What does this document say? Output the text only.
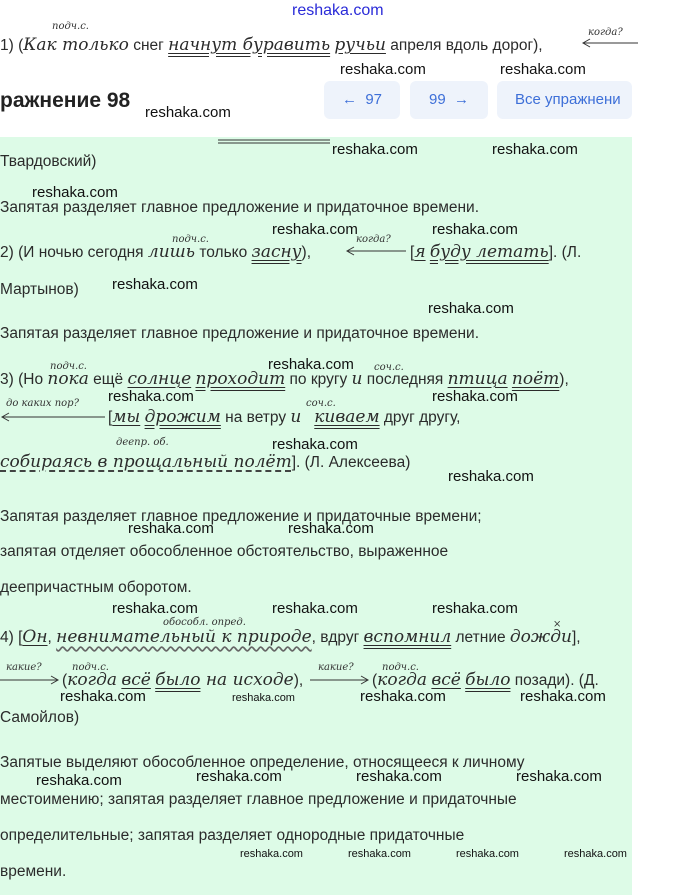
подч.с.
1) (Как только снег начнут буравить ручьи апреля вдоль дорог),
когда?
ражнение 98	← 97	99 →	Все упражнени
Твардовский)
Запятая разделяет главное предложение и придаточное времени.
подч.с.	когда?
2) (И ночью сегодня лишь только засну),	[я буду летать]. (Л.
Мартынов)
Запятая разделяет главное предложение и придаточное времени.
подч.с.	соч.с.
3) (Но пока ещё солнце проходит по кругу и последняя птица поёт),
до каких пор?	соч.с.
[мы дрожим на ветру и киваем друг другу,
деепр. об.
собираясь в прощальный полёт]. (Л. Алексеева)
Запятая разделяет главное предложение и придаточные времени;
запятая отделяет обособленное обстоятельство, выраженное
деепричастным оборотом.
обособл. опред.	×
4) [Он, невнимательный к природе, вдруг вспомнил летние дожди],
какие?	подч.с.	какие?	подч.с.
(когда всё было на исходе),	(когда всё было позади). (Д.
Самойлов)
Запятые выделяют обособленное определение, относящееся к личному
местоимению; запятая разделяет главное предложение и придаточные
определительные; запятая разделяет однородные придаточные
времени.
reshaka.com
reshaka.com	reshaka.com
reshaka.com
reshaka.com	reshaka.com
reshaka.com
reshaka.com	reshaka.com
reshaka.com
reshaka.com
reshaka.com
reshaka.com	reshaka.com
reshaka.com
reshaka.com
reshaka.com	reshaka.com
reshaka.com	reshaka.com	reshaka.com
reshaka.com	reshaka.com	reshaka.com	reshaka.com
reshaka.com	reshaka.com	reshaka.com	reshaka.com
reshaka.com	reshaka.com	reshaka.com	reshaka.com
